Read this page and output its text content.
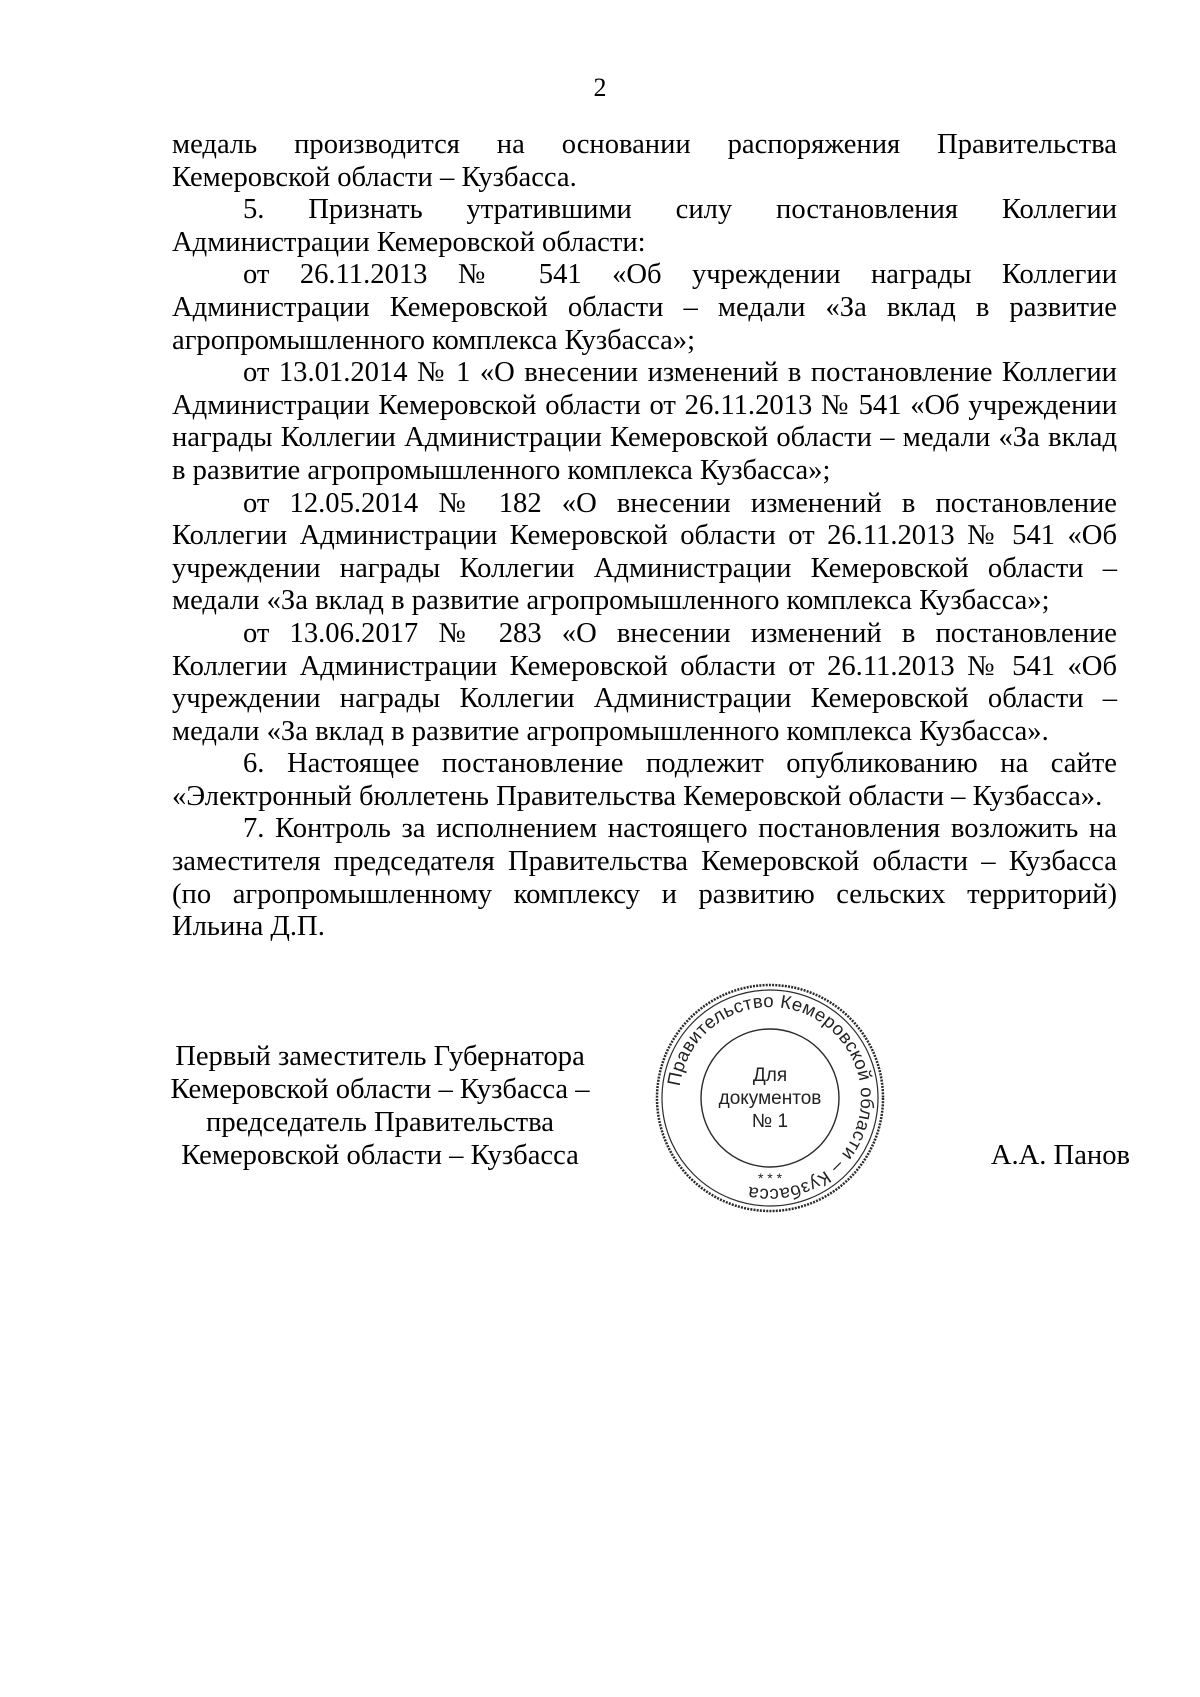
2

медаль производится на основании распоряжения Правительства Кемеровской области – Кузбасса.

5. Признать утратившими силу постановления Коллегии Администрации Кемеровской области:

от 26.11.2013 № 541 «Об учреждении награды Коллегии Администрации Кемеровской области – медали «За вклад в развитие агропромышленного комплекса Кузбасса»;

от 13.01.2014 № 1 «О внесении изменений в постановление Коллегии Администрации Кемеровской области от 26.11.2013 № 541 «Об учреждении награды Коллегии Администрации Кемеровской области – медали «За вклад в развитие агропромышленного комплекса Кузбасса»;

от 12.05.2014 № 182 «О внесении изменений в постановление Коллегии Администрации Кемеровской области от 26.11.2013 № 541 «Об учреждении награды Коллегии Администрации Кемеровской области – медали «За вклад в развитие агропромышленного комплекса Кузбасса»;

от 13.06.2017 № 283 «О внесении изменений в постановление Коллегии Администрации Кемеровской области от 26.11.2013 № 541 «Об учреждении награды Коллегии Администрации Кемеровской области – медали «За вклад в развитие агропромышленного комплекса Кузбасса».

6. Настоящее постановление подлежит опубликованию на сайте «Электронный бюллетень Правительства Кемеровской области – Кузбасса».

7. Контроль за исполнением настоящего постановления возложить на заместителя председателя Правительства Кемеровской области – Кузбасса (по агропромышленному комплексу и развитию сельских территорий) Ильина Д.П.

Первый заместитель Губернатора
Кемеровской области – Кузбасса –
председатель Правительства
Кемеровской области – Кузбасса	А.А. Панов
Правительство Кемеровской области – Кузбасса
* * *
Для
документов
№ 1
